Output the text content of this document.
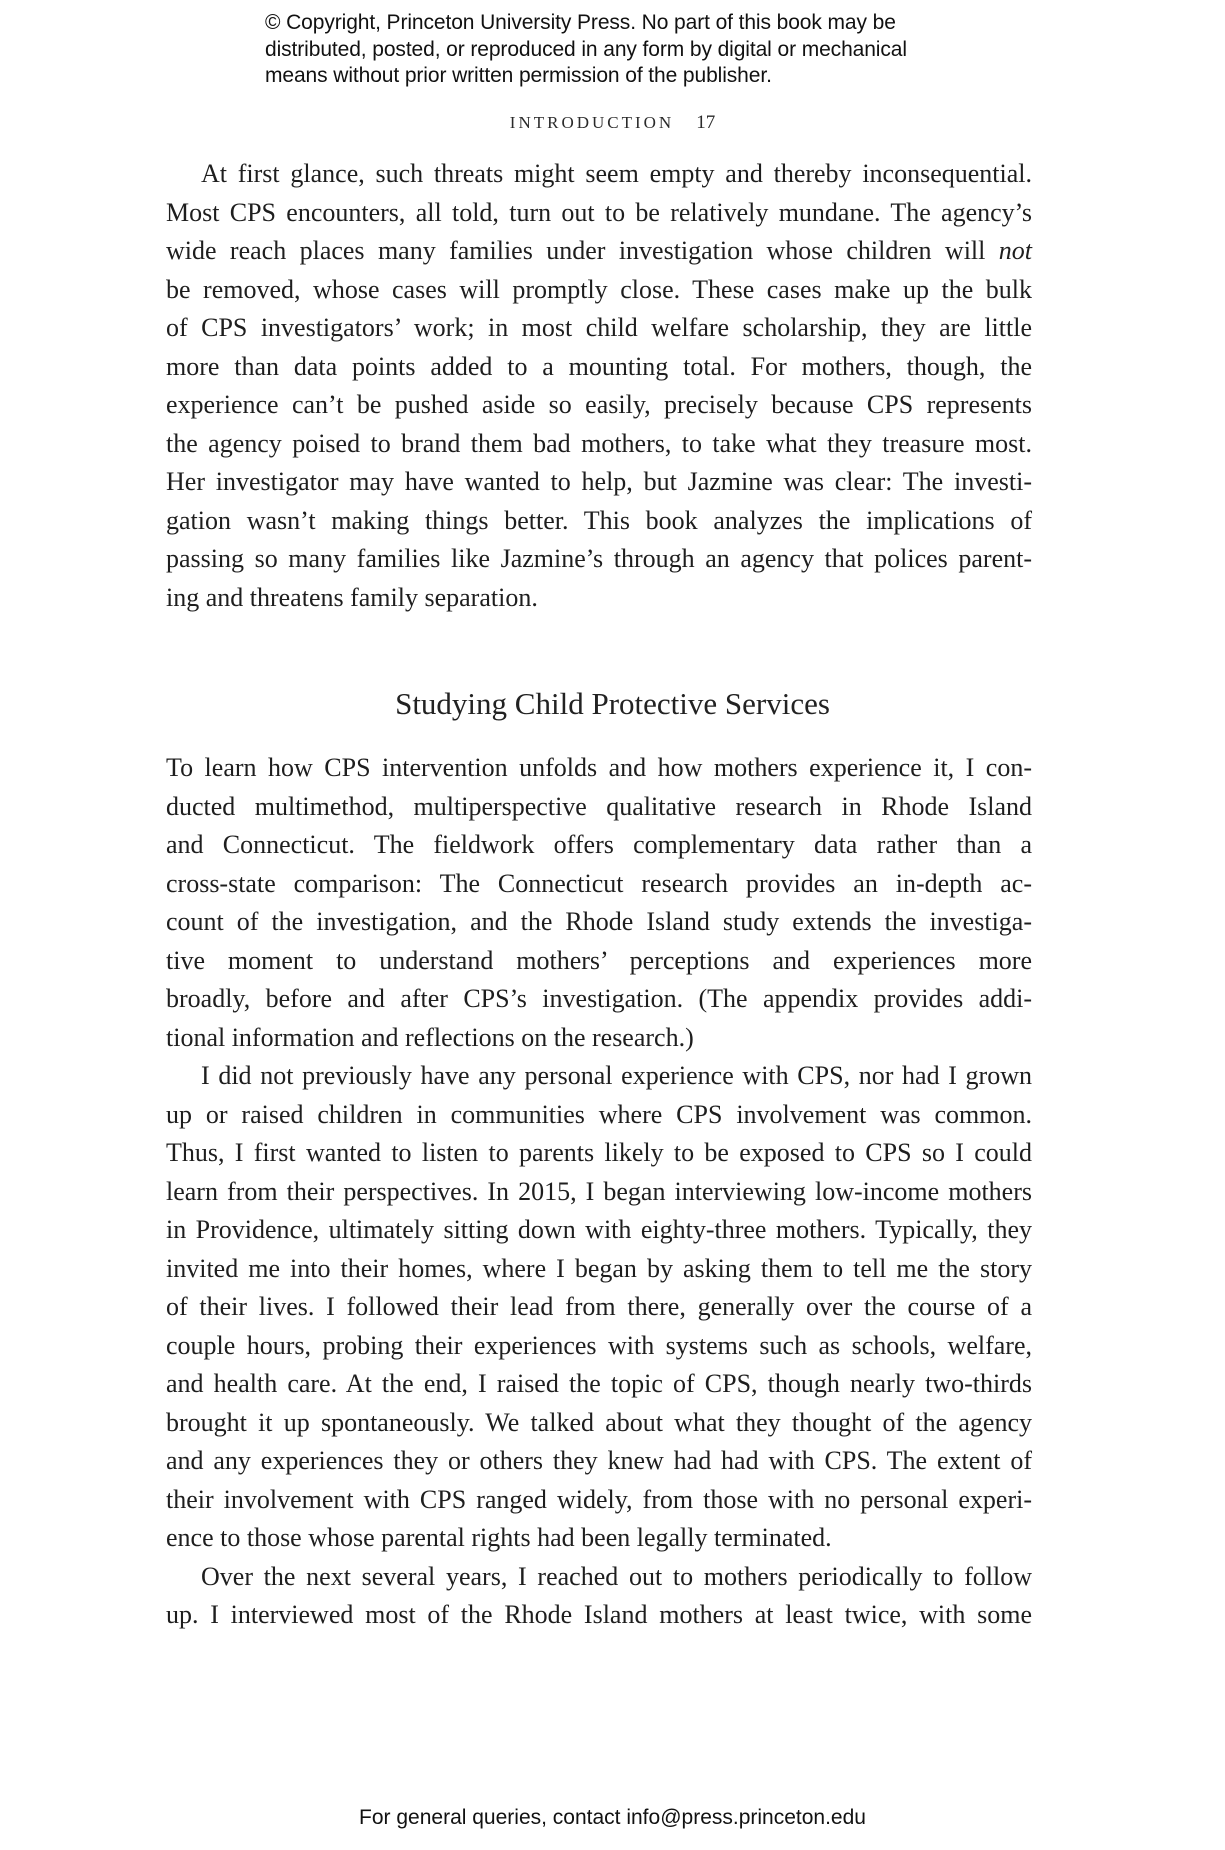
© Copyright, Princeton University Press. No part of this book may be
distributed, posted, or reproduced in any form by digital or mechanical
means without prior written permission of the publisher.
INTRODUCTION 17
At first glance, such threats might seem empty and thereby inconsequential.
Most CPS encounters, all told, turn out to be relatively mundane. The agency’s
wide reach places many families under investigation whose children will not
be removed, whose cases will promptly close. These cases make up the bulk
of CPS investigators’ work; in most child welfare scholarship, they are little
more than data points added to a mounting total. For mothers, though, the
experience can’t be pushed aside so easily, precisely because CPS represents
the agency poised to brand them bad mothers, to take what they treasure most.
Her investigator may have wanted to help, but Jazmine was clear: The investi-
gation wasn’t making things better. This book analyzes the implications of
passing so many families like Jazmine’s through an agency that polices parent-
ing and threatens family separation.
Studying Child Protective Services
To learn how CPS intervention unfolds and how mothers experience it, I con-
ducted multimethod, multiperspective qualitative research in Rhode Island
and Connecticut. The fieldwork offers complementary data rather than a
cross-state comparison: The Connecticut research provides an in-depth ac-
count of the investigation, and the Rhode Island study extends the investiga-
tive moment to understand mothers’ perceptions and experiences more
broadly, before and after CPS’s investigation. (The appendix provides addi-
tional information and reflections on the research.)
I did not previously have any personal experience with CPS, nor had I grown
up or raised children in communities where CPS involvement was common.
Thus, I first wanted to listen to parents likely to be exposed to CPS so I could
learn from their perspectives. In 2015, I began interviewing low-income mothers
in Providence, ultimately sitting down with eighty-three mothers. Typically, they
invited me into their homes, where I began by asking them to tell me the story
of their lives. I followed their lead from there, generally over the course of a
couple hours, probing their experiences with systems such as schools, welfare,
and health care. At the end, I raised the topic of CPS, though nearly two-thirds
brought it up spontaneously. We talked about what they thought of the agency
and any experiences they or others they knew had had with CPS. The extent of
their involvement with CPS ranged widely, from those with no personal experi-
ence to those whose parental rights had been legally terminated.
Over the next several years, I reached out to mothers periodically to follow
up. I interviewed most of the Rhode Island mothers at least twice, with some
For general queries, contact info@press.princeton.edu
